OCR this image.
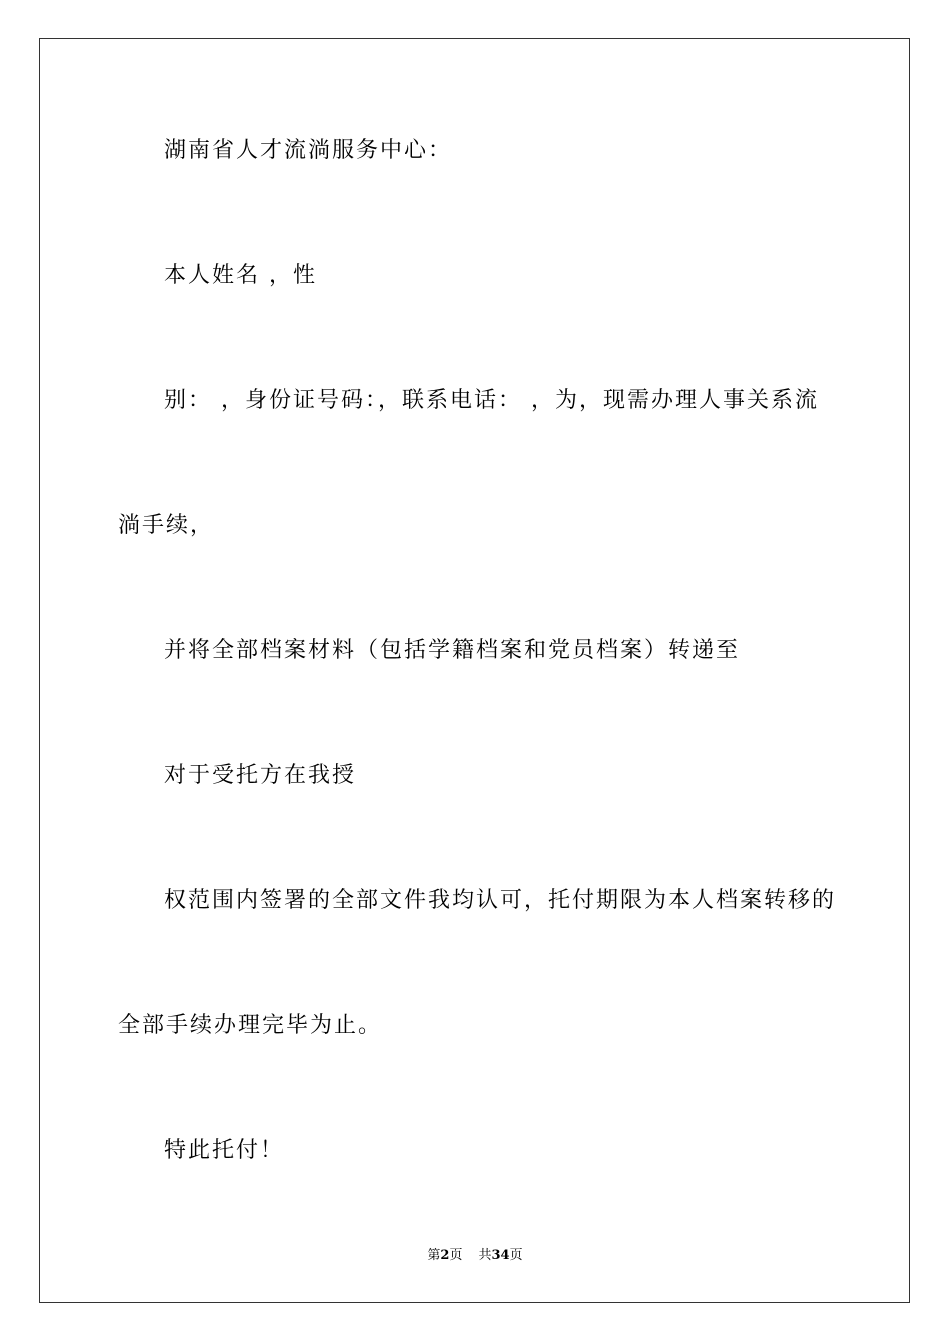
湖南省人才流淌服务中心：
本人姓名 ，性
别： ，身份证号码：，联系电话： ，为，现需办理人事关系流
淌手续，
并将全部档案材料（包括学籍档案和党员档案）转递至
对于受托方在我授
权范围内签署的全部文件我均认可，托付期限为本人档案转移的
全部手续办理完毕为止。
特此托付！
第2页 共34页
